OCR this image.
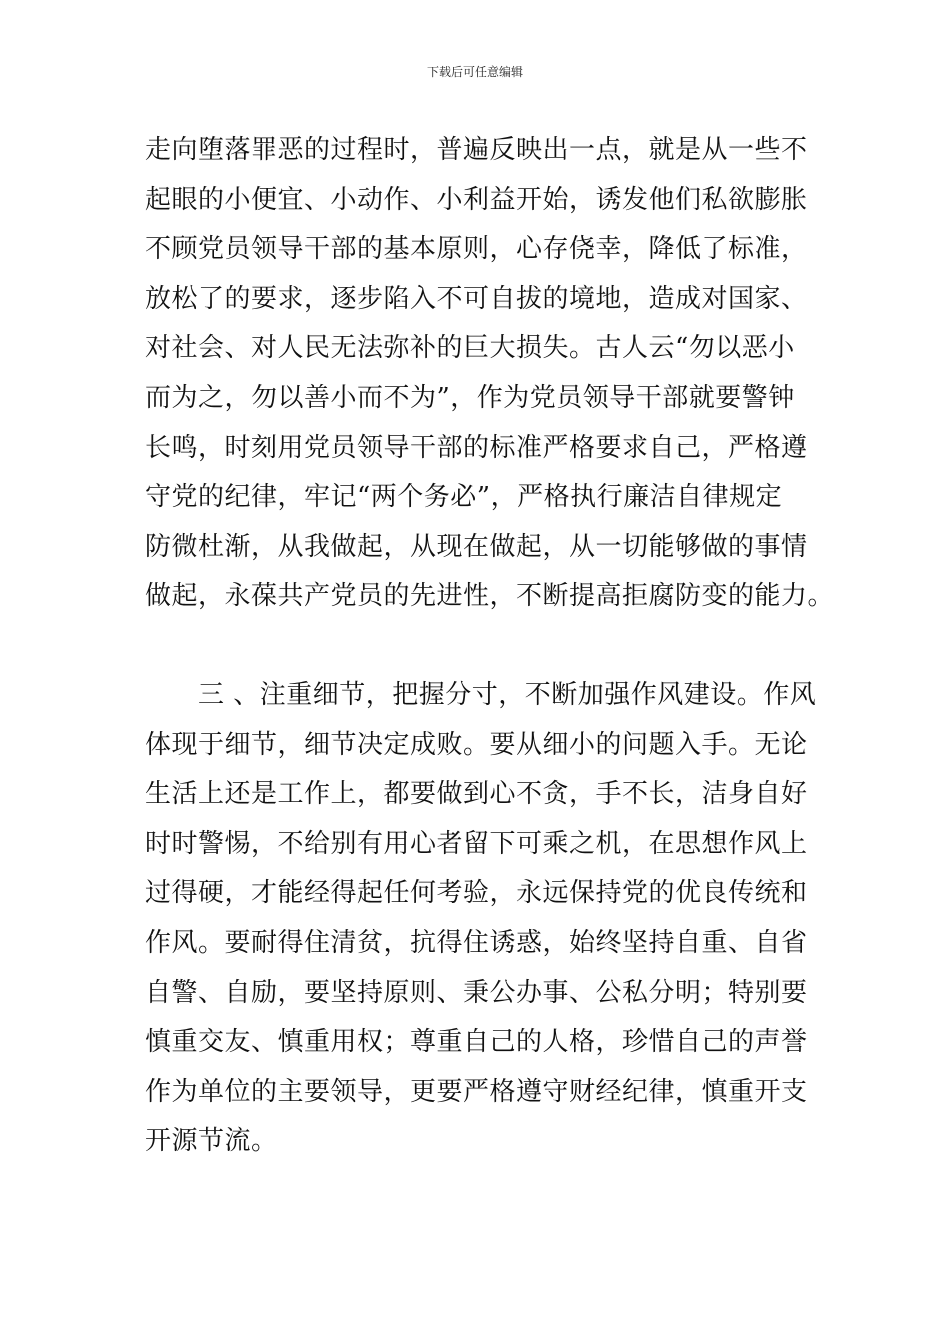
下载后可任意编辑
走向堕落罪恶的过程时，普遍反映出一点，就是从一些不
起眼的小便宜、小动作、小利益开始，诱发他们私欲膨胀
不顾党员领导干部的基本原则，心存侥幸，降低了标准，
放松了的要求，逐步陷入不可自拔的境地，造成对国家、
对社会、对人民无法弥补的巨大损失。古人云“勿以恶小
而为之，勿以善小而不为”，作为党员领导干部就要警钟
长鸣，时刻用党员领导干部的标准严格要求自己，严格遵
守党的纪律，牢记“两个务必”，严格执行廉洁自律规定
防微杜渐，从我做起，从现在做起，从一切能够做的事情
做起，永葆共产党员的先进性，不断提高拒腐防变的能力。
　　三 、注重细节，把握分寸，不断加强作风建设。作风
体现于细节，细节决定成败。要从细小的问题入手。无论
生活上还是工作上，都要做到心不贪，手不长，洁身自好
时时警惕，不给别有用心者留下可乘之机，在思想作风上
过得硬，才能经得起任何考验，永远保持党的优良传统和
作风。要耐得住清贫，抗得住诱惑，始终坚持自重、自省
自警、自励，要坚持原则、秉公办事、公私分明；特别要
慎重交友、慎重用权；尊重自己的人格，珍惜自己的声誉
作为单位的主要领导，更要严格遵守财经纪律，慎重开支
开源节流。
